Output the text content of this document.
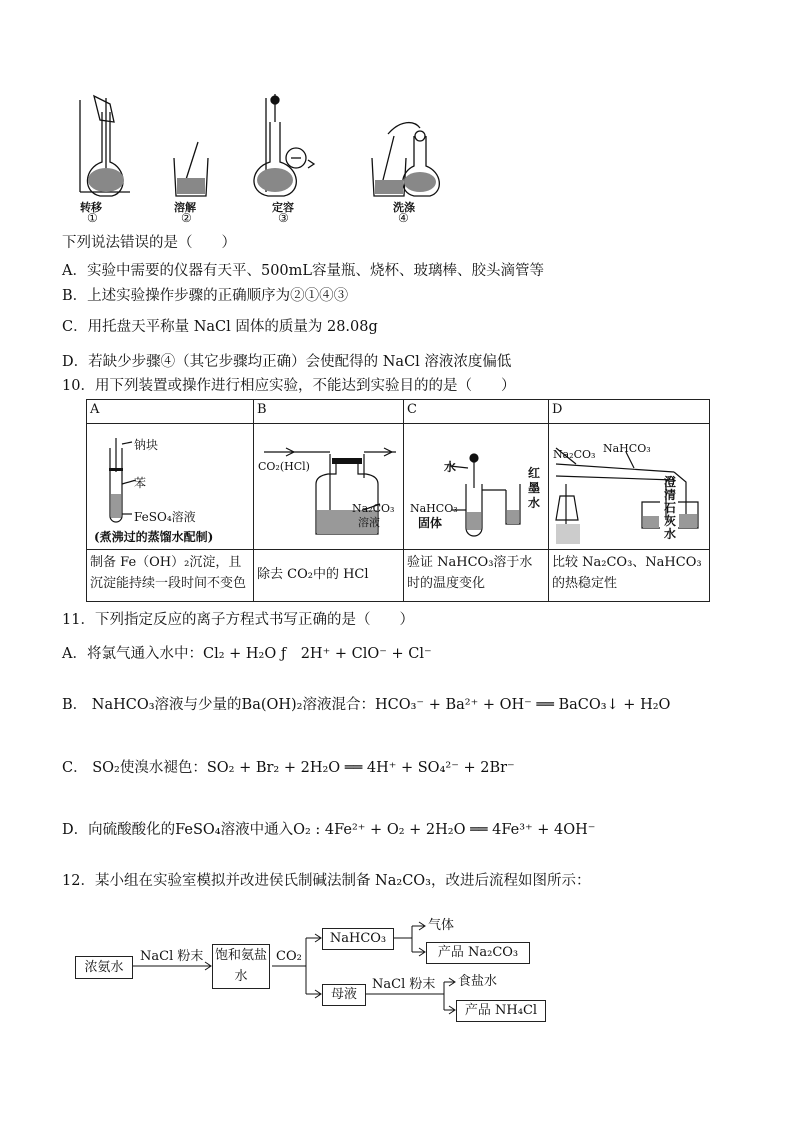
转移	溶解	定容	洗涤
①	②	③	④
下列说法错误的是（　　）
A．实验中需要的仪器有天平、500mL容量瓶、烧杯、玻璃棒、胶头滴管等
B．上述实验操作步骤的正确顺序为②①④③
C．用托盘天平称量 NaCl 固体的质量为 28.08g
D．若缺少步骤④（其它步骤均正确）会使配得的 NaCl 溶液浓度偏低
10．用下列装置或操作进行相应实验，不能达到实验目的的是（　　）
A	B	C	D

制备 Fe（OH）₂沉淀，且沉淀能持续一段时间不变色	除去 CO₂中的 HCl	验证 NaHCO₃溶于水时的温度变化	比较 Na₂CO₃、NaHCO₃的热稳定性
钠块
苯
FeSO₄溶液
(煮沸过的蒸馏水配制)
CO₂(HCl)
Na₂CO₃
溶液
水
NaHCO₃
固体
红墨水
Na₂CO₃ NaHCO₃
澄清石灰水
11．下列指定反应的离子方程式书写正确的是（　　）
A．将氯气通入水中：Cl₂ + H₂O ƒ　2H⁺ + ClO⁻ + Cl⁻
B． NaHCO₃溶液与少量的Ba(OH)₂溶液混合：HCO₃⁻ + Ba²⁺ + OH⁻ ══ BaCO₃↓ + H₂O
C． SO₂使溴水褪色：SO₂ + Br₂ + 2H₂O ══ 4H⁺ + SO₄²⁻ + 2Br⁻
D．向硫酸酸化的FeSO₄溶液中通入O₂ : 4Fe²⁺ + O₂ + 2H₂O ══ 4Fe³⁺ + 4OH⁻
12．某小组在实验室模拟并改进侯氏制碱法制备 Na₂CO₃，改进后流程如图所示：
浓氨水
NaCl 粉末 饱和氨盐水
CO₂
NaHCO₃
气体
产品 Na₂CO₃
母液
NaCl 粉末 食盐水
产品 NH₄Cl
